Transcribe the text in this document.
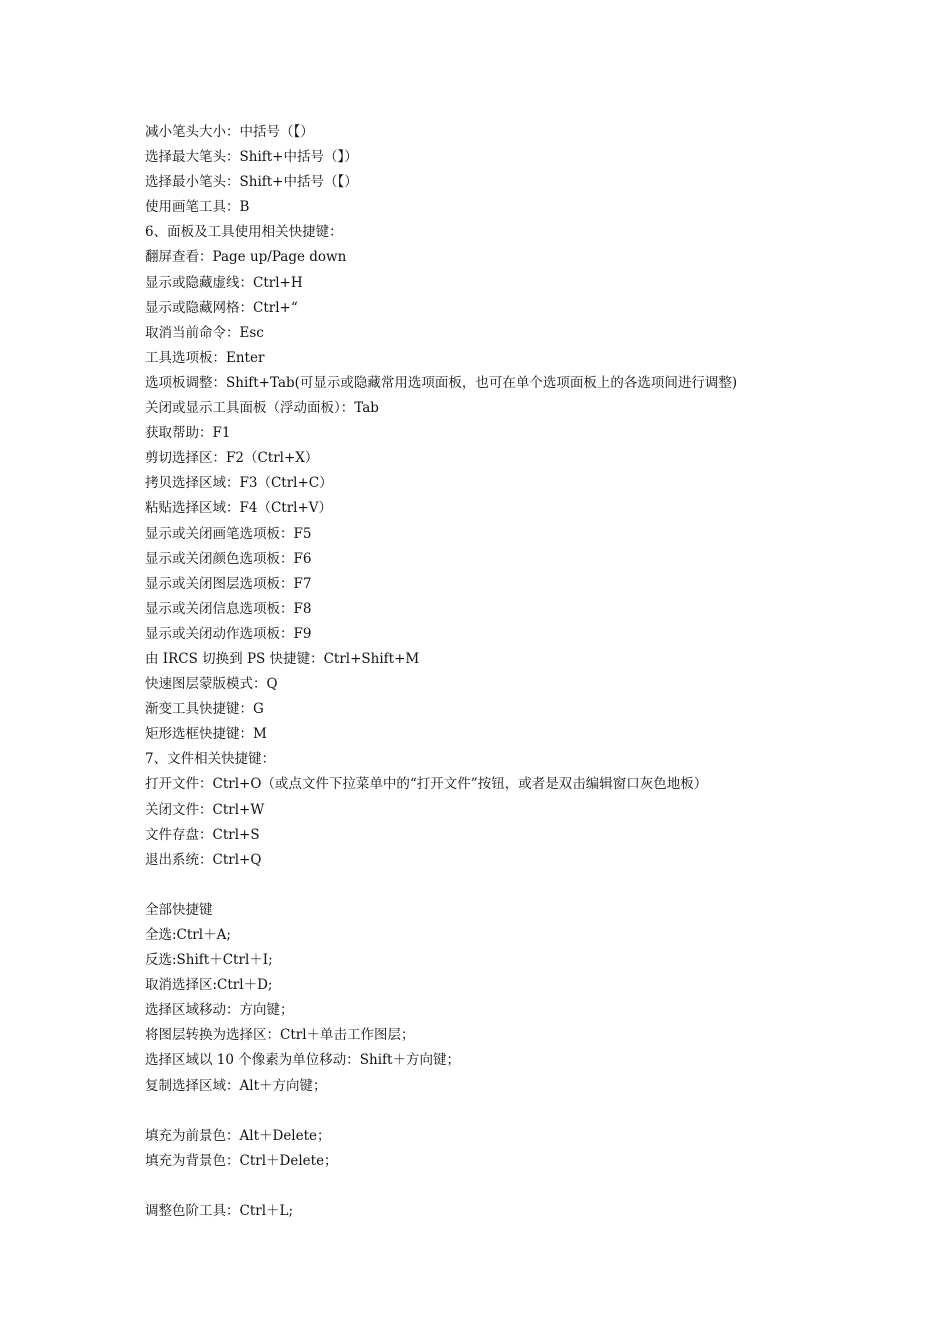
减小笔头大小：中括号（【）
选择最大笔头：Shift+中括号（】）
选择最小笔头：Shift+中括号（【）
使用画笔工具：B
6、面板及工具使用相关快捷键：
翻屏查看：Page up/Page down
显示或隐藏虚线：Ctrl+H
显示或隐藏网格：Ctrl+“
取消当前命令：Esc
工具选项板：Enter
选项板调整：Shift+Tab(可显示或隐藏常用选项面板，也可在单个选项面板上的各选项间进行调整)
关闭或显示工具面板（浮动面板）：Tab
获取帮助：F1
剪切选择区：F2（Ctrl+X）
拷贝选择区域：F3（Ctrl+C）
粘贴选择区域：F4（Ctrl+V）
显示或关闭画笔选项板：F5
显示或关闭颜色选项板：F6
显示或关闭图层选项板：F7
显示或关闭信息选项板：F8
显示或关闭动作选项板：F9
由 IRCS 切换到 PS 快捷键：Ctrl+Shift+M
快速图层蒙版模式：Q
渐变工具快捷键：G
矩形选框快捷键：M
7、文件相关快捷键：
打开文件：Ctrl+O（或点文件下拉菜单中的“打开文件”按钮，或者是双击编辑窗口灰色地板）
关闭文件：Ctrl+W
文件存盘：Ctrl+S
退出系统：Ctrl+Q
全部快捷键
全选:Ctrl＋A;
反选:Shift＋Ctrl＋I;
取消选择区:Ctrl＋D;
选择区域移动：方向键；
将图层转换为选择区：Ctrl＋单击工作图层；
选择区域以 10 个像素为单位移动：Shift＋方向键；
复制选择区域：Alt＋方向键；
填充为前景色：Alt＋Delete；
填充为背景色：Ctrl＋Delete；
调整色阶工具：Ctrl＋L;
